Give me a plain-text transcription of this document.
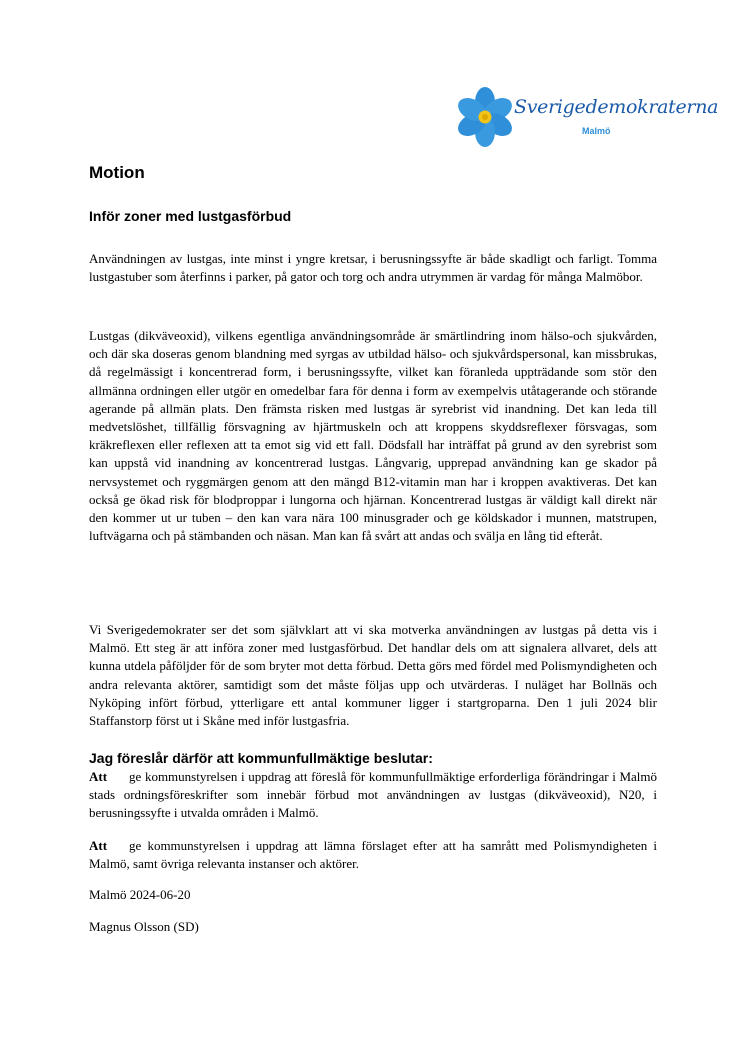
Sverigedemokraterna
Malmö
Motion
Inför zoner med lustgasförbud

Användningen av lustgas, inte minst i yngre kretsar, i berusningssyfte är både skadligt och farligt. Tomma lustgastuber som återfinns i parker, på gator och torg och andra utrymmen är vardag för många Malmöbor.

Lustgas (dikväveoxid), vilkens egentliga användningsområde är smärtlindring inom hälso-och sjukvården, och där ska doseras genom blandning med syrgas av utbildad hälso- och sjukvårdspersonal, kan missbrukas, då regelmässigt i koncentrerad form, i berusningssyfte, vilket kan föranleda uppträdande som stör den allmänna ordningen eller utgör en omedelbar fara för denna i form av exempelvis utåtagerande och störande agerande på allmän plats. Den främsta risken med lustgas är syrebrist vid inandning. Det kan leda till medvetslöshet, tillfällig försvagning av hjärtmuskeln och att kroppens skyddsreflexer försvagas, som kräkreflexen eller reflexen att ta emot sig vid ett fall. Dödsfall har inträffat på grund av den syrebrist som kan uppstå vid inandning av koncentrerad lustgas. Långvarig, upprepad användning kan ge skador på nervsystemet och ryggmärgen genom att den mängd B12-vitamin man har i kroppen avaktiveras. Det kan också ge ökad risk för blodproppar i lungorna och hjärnan. Koncentrerad lustgas är väldigt kall direkt när den kommer ut ur tuben – den kan vara nära 100 minusgrader och ge köldskador i munnen, matstrupen, luftvägarna och på stämbanden och näsan. Man kan få svårt att andas och svälja en lång tid efteråt.

Vi Sverigedemokrater ser det som självklart att vi ska motverka användningen av lustgas på detta vis i Malmö. Ett steg är att införa zoner med lustgasförbud. Det handlar dels om att signalera allvaret, dels att kunna utdela påföljder för de som bryter mot detta förbud. Detta görs med fördel med Polismyndigheten och andra relevanta aktörer, samtidigt som det måste följas upp och utvärderas. I nuläget har Bollnäs och Nyköping infört förbud, ytterligare ett antal kommuner ligger i startgroparna. Den 1 juli 2024 blir Staffanstorp först ut i Skåne med inför lustgasfria.

Jag föreslår därför att kommunfullmäktige beslutar:

Att ge kommunstyrelsen i uppdrag att föreslå för kommunfullmäktige erforderliga förändringar i Malmö stads ordningsföreskrifter som innebär förbud mot användningen av lustgas (dikväveoxid), N20, i berusningssyfte i utvalda områden i Malmö.

Att ge kommunstyrelsen i uppdrag att lämna förslaget efter att ha samrått med Polismyndigheten i Malmö, samt övriga relevanta instanser och aktörer.

Malmö 2024-06-20

Magnus Olsson (SD)
